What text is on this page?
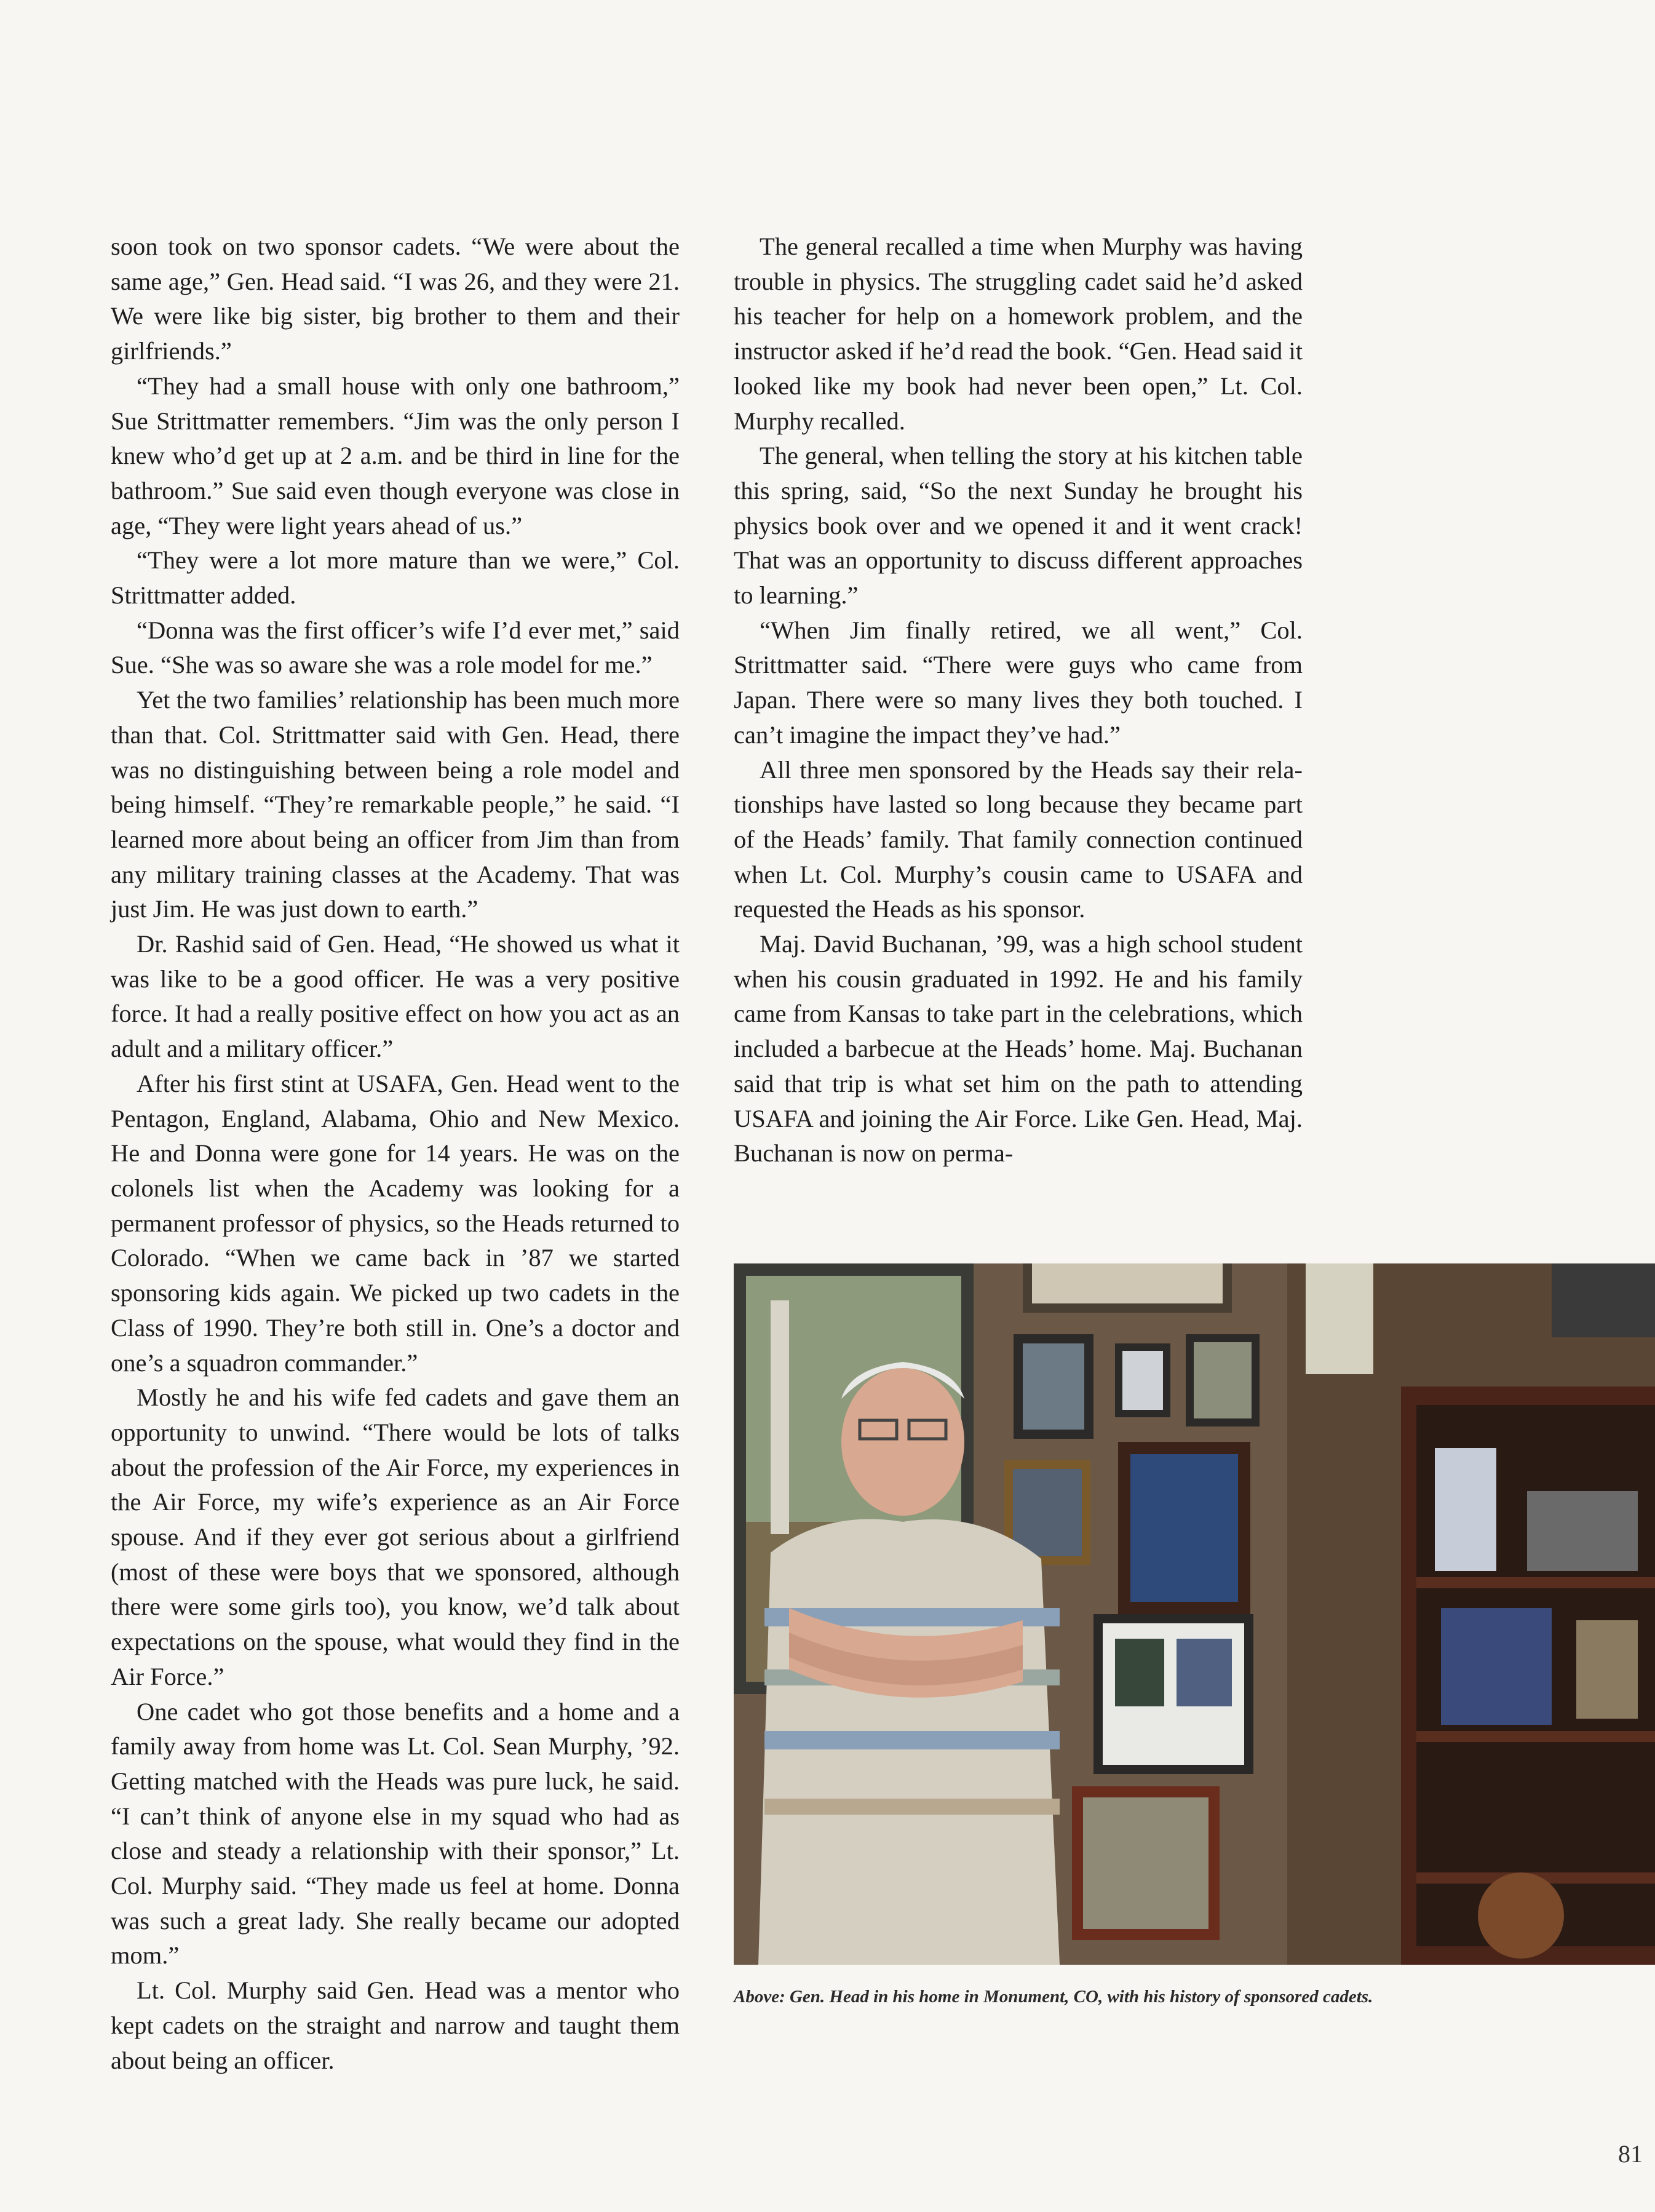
soon took on two sponsor cadets. “We were about the same age,” Gen. Head said. “I was 26, and they were 21. We were like big sister, big brother to them and their girlfriends.”

“They had a small house with only one bathroom,” Sue Strittmatter remembers. “Jim was the only person I knew who’d get up at 2 a.m. and be third in line for the bathroom.” Sue said even though everyone was close in age, “They were light years ahead of us.”

“They were a lot more mature than we were,” Col. Strittmatter added.

“Donna was the first officer’s wife I’d ever met,” said Sue. “She was so aware she was a role model for me.”

Yet the two families’ relationship has been much more than that. Col. Strittmatter said with Gen. Head, there was no distinguishing between being a role model and being himself. “They’re remarkable people,” he said. “I learned more about being an officer from Jim than from any military training classes at the Academy. That was just Jim. He was just down to earth.”

Dr. Rashid said of Gen. Head, “He showed us what it was like to be a good officer. He was a very positive force. It had a really positive effect on how you act as an adult and a military officer.”

After his first stint at USAFA, Gen. Head went to the Pentagon, England, Alabama, Ohio and New Mexico. He and Donna were gone for 14 years. He was on the colonels list when the Academy was looking for a permanent professor of physics, so the Heads returned to Colorado. “When we came back in ’87 we started sponsoring kids again. We picked up two cadets in the Class of 1990. They’re both still in. One’s a doctor and one’s a squadron commander.”

Mostly he and his wife fed cadets and gave them an opportunity to unwind. “There would be lots of talks about the profession of the Air Force, my experiences in the Air Force, my wife’s experience as an Air Force spouse. And if they ever got serious about a girlfriend (most of these were boys that we sponsored, although there were some girls too), you know, we’d talk about expectations on the spouse, what would they find in the Air Force.”

One cadet who got those benefits and a home and a family away from home was Lt. Col. Sean Murphy, ’92. Getting matched with the Heads was pure luck, he said. “I can’t think of anyone else in my squad who had as close and steady a relationship with their sponsor,” Lt. Col. Murphy said. “They made us feel at home. Donna was such a great lady. She really became our adopted mom.”

Lt. Col. Murphy said Gen. Head was a mentor who kept cadets on the straight and narrow and taught them about being an officer.

The general recalled a time when Murphy was having trouble in physics. The struggling cadet said he’d asked his teacher for help on a homework problem, and the instructor asked if he’d read the book. “Gen. Head said it looked like my book had never been open,” Lt. Col. Murphy recalled.

The general, when telling the story at his kitchen table this spring, said, “So the next Sunday he brought his physics book over and we opened it and it went crack! That was an opportunity to discuss different approaches to learning.”

“When Jim finally retired, we all went,” Col. Strittmatter said. “There were guys who came from Japan. There were so many lives they both touched. I can’t imagine the impact they’ve had.”

All three men sponsored by the Heads say their relationships have lasted so long because they became part of the Heads’ family. That family connection continued when Lt. Col. Murphy’s cousin came to USAFA and requested the Heads as his sponsor.

Maj. David Buchanan, ’99, was a high school student when his cousin graduated in 1992. He and his family came from Kansas to take part in the celebrations, which included a barbecue at the Heads’ home. Maj. Buchanan said that trip is what set him on the path to attending USAFA and joining the Air Force. Like Gen. Head, Maj. Buchanan is now on perma-

Above: Gen. Head in his home in Monument, CO, with his history of sponsored cadets.
81
